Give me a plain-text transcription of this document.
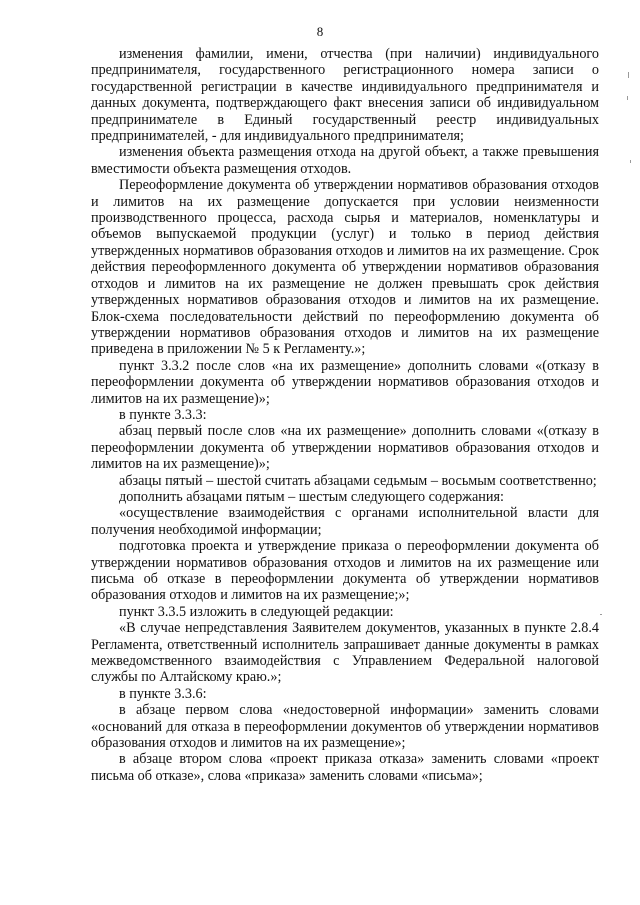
8

изменения фамилии, имени, отчества (при наличии) индивидуального предпринимателя, государственного регистрационного номера записи о государственной регистрации в качестве индивидуального предпринимателя и данных документа, подтверждающего факт внесения записи об индивидуальном предпринимателе в Единый государственный реестр индивидуальных предпринимателей, - для индивидуального предпринимателя;

изменения объекта размещения отхода на другой объект, а также превышения вместимости объекта размещения отходов.

Переоформление документа об утверждении нормативов образования отходов и лимитов на их размещение допускается при условии неизменности производственного процесса, расхода сырья и материалов, номенклатуры и объемов выпускаемой продукции (услуг) и только в период действия утвержденных нормативов образования отходов и лимитов на их размещение. Срок действия переоформленного документа об утверждении нормативов образования отходов и лимитов на их размещение не должен превышать срок действия утвержденных нормативов образования отходов и лимитов на их размещение. Блок-схема последовательности действий по переоформлению документа об утверждении нормативов образования отходов и лимитов на их размещение приведена в приложении № 5 к Регламенту.»;

пункт 3.3.2 после слов «на их размещение» дополнить словами «(отказу в переоформлении документа об утверждении нормативов образования отходов и лимитов на их размещение)»;

в пункте 3.3.3:

абзац первый после слов «на их размещение» дополнить словами «(отказу в переоформлении документа об утверждении нормативов образования отходов и лимитов на их размещение)»;

абзацы пятый – шестой считать абзацами седьмым – восьмым соответственно;

дополнить абзацами пятым – шестым следующего содержания:

«осуществление взаимодействия с органами исполнительной власти для получения необходимой информации;

подготовка проекта и утверждение приказа о переоформлении документа об утверждении нормативов образования отходов и лимитов на их размещение или письма об отказе в переоформлении документа об утверждении нормативов образования отходов и лимитов на их размещение;»;

пункт 3.3.5 изложить в следующей редакции:

«В случае непредставления Заявителем документов, указанных в пункте 2.8.4 Регламента, ответственный исполнитель запрашивает данные документы в рамках межведомственного взаимодействия с Управлением Федеральной налоговой службы по Алтайскому краю.»;

в пункте 3.3.6:

в абзаце первом слова «недостоверной информации» заменить словами «оснований для отказа в переоформлении документов об утверждении нормативов образования отходов и лимитов на их размещение»;

в абзаце втором слова «проект приказа отказа» заменить словами «проект письма об отказе», слова «приказа» заменить словами «письма»;
